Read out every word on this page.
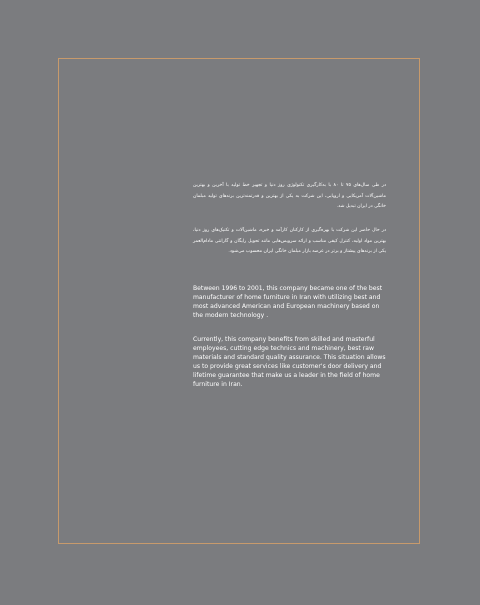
در طی سال‌های ۷۵ تا ۸۰ با به‌کارگیری تکنولوژی روز دنیا و تجهیز خط تولید با آخرین و بهترین ماشین‌آلات آمریکایی و اروپایی، این شرکت به یکی از بهترین و قدرتمندترین برندهای تولید مبلمان خانگی در ایران تبدیل شد.
در حال حاضر این شرکت با بهره‌گیری از کارکنان کارآمد و خبره، ماشین‌آلات و تکنیک‌های روز دنیا، بهترین مواد اولیه، کنترل کیفی مناسب و ارائه سرویس‌هایی مانند تحویل رایگان و گارانتی مادام‌العمر یکی از برندهای پیشتاز و برتر در عرصه بازار مبلمان خانگی ایران محسوب می‌شود.
Between 1996 to 2001, this company became one of the best manufacturer of home furniture in Iran with utilizing best and most advanced American and European machinery based on the modern technology .
Currently, this company benefits from skilled and masterful employees, cutting edge technics and machinery, best raw materials and standard quality assurance. This situation allows us to provide great services like customer's door delivery and lifetime guarantee that make us a leader in the field of home furniture in Iran.
